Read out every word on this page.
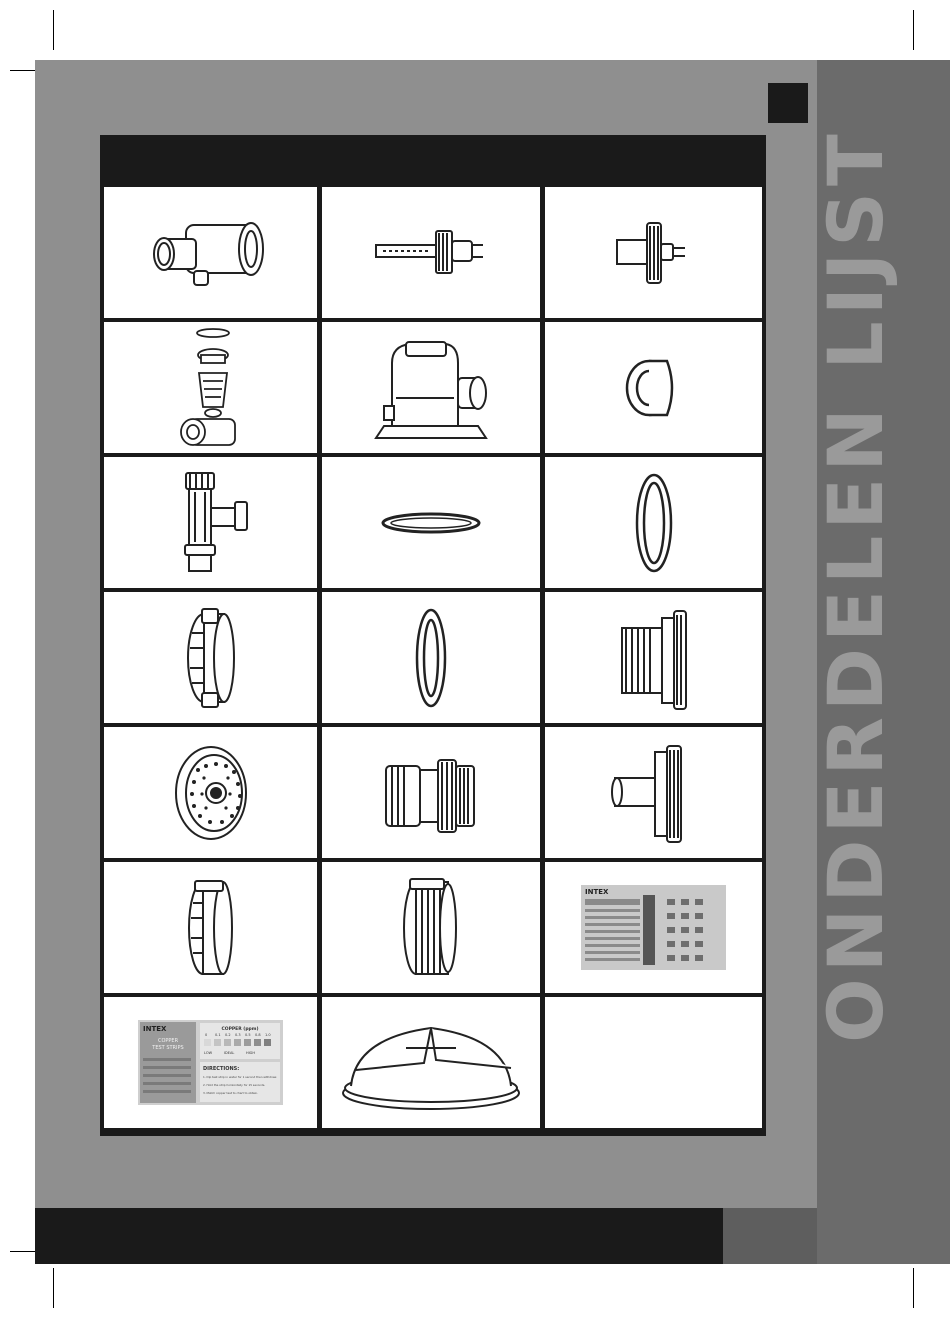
ONDERDELEN LIJST
INTEX
INTEX
COPPER
TEST STRIPS
COPPER (ppm)
0 0.1 0.2 0.3 0.5 0.8 1.0
LOW	IDEAL	HIGH
DIRECTIONS:
1. Dip test strip in water for 1 second then withdraw.
2. Hold the strip horizontally for 15 seconds.
3. Match copper test to chart to obtain.
